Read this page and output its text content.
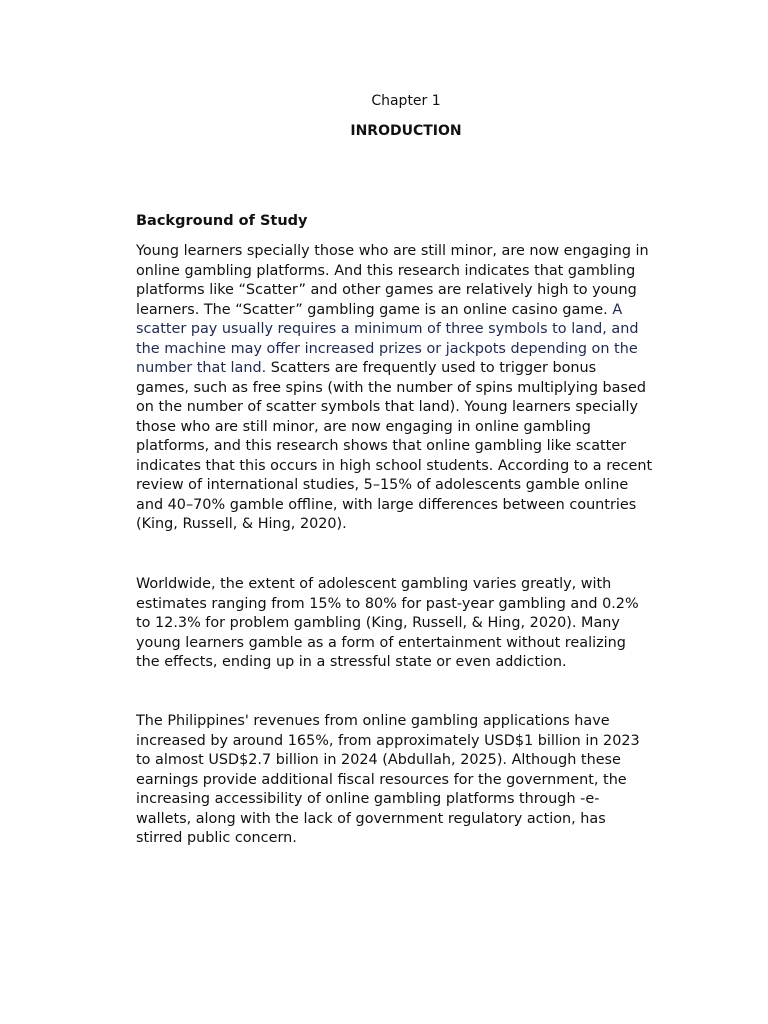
Chapter 1
INRODUCTION
Background of Study

Young learners specially those who are still minor, are now engaging in
online gambling platforms. And this research indicates that gambling
platforms like “Scatter” and other games are relatively high to young
learners. The “Scatter” gambling game is an online casino game. A
scatter pay usually requires a minimum of three symbols to land, and
the machine may offer increased prizes or jackpots depending on the
number that land. Scatters are frequently used to trigger bonus
games, such as free spins (with the number of spins multiplying based
on the number of scatter symbols that land). Young learners specially
those who are still minor, are now engaging in online gambling
platforms, and this research shows that online gambling like scatter
indicates that this occurs in high school students. According to a recent
review of international studies, 5–15% of adolescents gamble online
and 40–70% gamble offline, with large differences between countries
(King, Russell, & Hing, 2020).

Worldwide, the extent of adolescent gambling varies greatly, with
estimates ranging from 15% to 80% for past-year gambling and 0.2%
to 12.3% for problem gambling (King, Russell, & Hing, 2020). Many
young learners gamble as a form of entertainment without realizing
the effects, ending up in a stressful state or even addiction.

The Philippines' revenues from online gambling applications have
increased by around 165%, from approximately USD$1 billion in 2023
to almost USD$2.7 billion in 2024 (Abdullah, 2025). Although these
earnings provide additional fiscal resources for the government, the
increasing accessibility of online gambling platforms through -e-
wallets, along with the lack of government regulatory action, has
stirred public concern.
